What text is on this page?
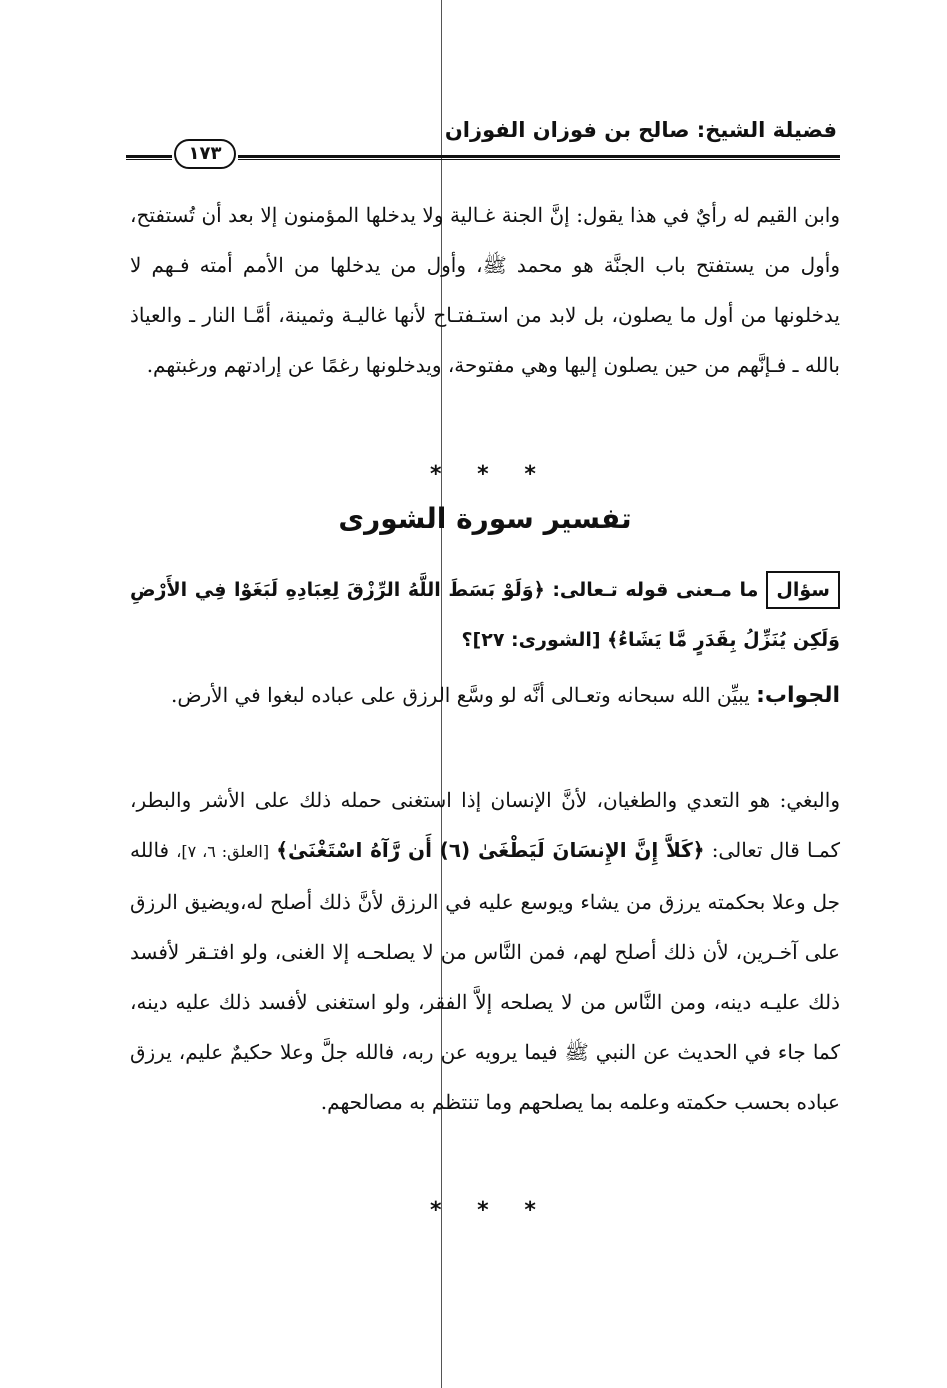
فضيلة الشيخ: صالح بن فوزان الفوزان
١٧٣
وابن القيم له رأيٌ في هذا يقول: إنَّ الجنة غـالية ولا يدخلها المؤمنون إلا بعد أن تُستفتح، وأول من يستفتح باب الجنَّة هو محمد ﷺ، وأول من يدخلها من الأمم أمته فـهم لا يدخلونها من أول ما يصلون، بل لابد من استـفتـاح لأنها غاليـة وثمينة، أمَّـا النار ـ والعياذ بالله ـ فـإنَّهم من حين يصلون إليها وهي مفتوحة، ويدخلونها رغمًا عن إرادتهم ورغبتهم.
* * *
تفسير سورة الشورى
سؤالما مـعنى قوله تـعالى: ﴿وَلَوْ بَسَطَ اللَّهُ الرِّزْقَ لِعِبَادِهِ لَبَغَوْا فِي الأَرْضِ وَلَكِن يُنَزِّلُ بِقَدَرٍ مَّا يَشَاءُ﴾ [الشورى: ٢٧]؟
الجواب: يبيِّن الله سبحانه وتعـالى أنَّه لو وسَّع الرزق على عباده لبغوا في الأرض.
والبغي: هو التعدي والطغيان، لأنَّ الإنسان إذا استغنى حمله ذلك على الأشر والبطر، كمـا قال تعالى: ﴿كَلاَّ إِنَّ الإِنسَانَ لَيَطْغَىٰ (٦) أَن رَّآهُ اسْتَغْنَىٰ﴾ [العلق: ٦، ٧]، فالله جل وعلا بحكمته يرزق من يشاء ويوسع عليه في الرزق لأنَّ ذلك أصلح له،ويضيق الرزق على آخـرين، لأن ذلك أصلح لهم، فمن النَّاس من لا يصلحـه إلا الغنى، ولو افتـقر لأفسد ذلك عليـه دينه، ومن النَّاس من لا يصلحه إلاَّ الفقر، ولو استغنى لأفسد ذلك عليه دينه، كما جاء في الحديث عن النبي ﷺ فيما يرويه عن ربه، فالله جلَّ وعلا حكيمٌ عليم، يرزق عباده بحسب حكمته وعلمه بما يصلحهم وما تنتظم به مصالحهم.
* * *
